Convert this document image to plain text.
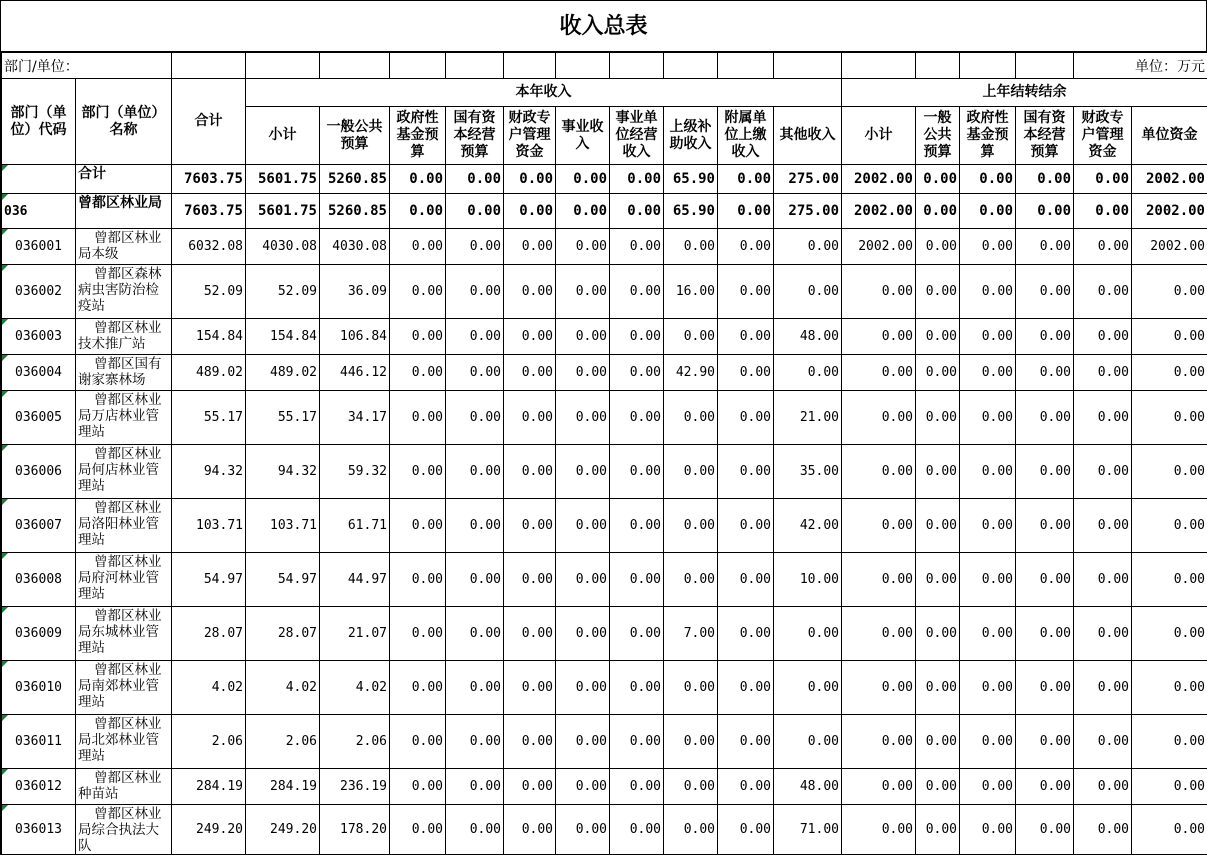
收入总表
部门/单位：																	单位：万元	
部门（单位）代码	部门（单位）名称	合计	本年收入										上年结转结余					
			小计	一般公共预算	政府性基金预算	国有资本经营预算	财政专户管理资金	事业收入	事业单位经营收入	上级补助收入	附属单位上缴收入	其他收入	小计	一般公共预算	政府性基金预算	国有资本经营预算	财政专户管理资金	单位资金
	合计	7603.75	5601.75	5260.85	0.00	0.00	0.00	0.00	0.00	65.90	0.00	275.00	2002.00	0.00	0.00	0.00	0.00	2002.00
036	曾都区林业局	7603.75	5601.75	5260.85	0.00	0.00	0.00	0.00	0.00	65.90	0.00	275.00	2002.00	0.00	0.00	0.00	0.00	2002.00
036001	曾都区林业局本级	6032.08	4030.08	4030.08	0.00	0.00	0.00	0.00	0.00	0.00	0.00	0.00	2002.00	0.00	0.00	0.00	0.00	2002.00
036002	曾都区森林病虫害防治检疫站	52.09	52.09	36.09	0.00	0.00	0.00	0.00	0.00	16.00	0.00	0.00	0.00	0.00	0.00	0.00	0.00	0.00
036003	曾都区林业技术推广站	154.84	154.84	106.84	0.00	0.00	0.00	0.00	0.00	0.00	0.00	48.00	0.00	0.00	0.00	0.00	0.00	0.00
036004	曾都区国有谢家寨林场	489.02	489.02	446.12	0.00	0.00	0.00	0.00	0.00	42.90	0.00	0.00	0.00	0.00	0.00	0.00	0.00	0.00
036005	曾都区林业局万店林业管理站	55.17	55.17	34.17	0.00	0.00	0.00	0.00	0.00	0.00	0.00	21.00	0.00	0.00	0.00	0.00	0.00	0.00
036006	曾都区林业局何店林业管理站	94.32	94.32	59.32	0.00	0.00	0.00	0.00	0.00	0.00	0.00	35.00	0.00	0.00	0.00	0.00	0.00	0.00
036007	曾都区林业局洛阳林业管理站	103.71	103.71	61.71	0.00	0.00	0.00	0.00	0.00	0.00	0.00	42.00	0.00	0.00	0.00	0.00	0.00	0.00
036008	曾都区林业局府河林业管理站	54.97	54.97	44.97	0.00	0.00	0.00	0.00	0.00	0.00	0.00	10.00	0.00	0.00	0.00	0.00	0.00	0.00
036009	曾都区林业局东城林业管理站	28.07	28.07	21.07	0.00	0.00	0.00	0.00	0.00	7.00	0.00	0.00	0.00	0.00	0.00	0.00	0.00	0.00
036010	曾都区林业局南郊林业管理站	4.02	4.02	4.02	0.00	0.00	0.00	0.00	0.00	0.00	0.00	0.00	0.00	0.00	0.00	0.00	0.00	0.00
036011	曾都区林业局北郊林业管理站	2.06	2.06	2.06	0.00	0.00	0.00	0.00	0.00	0.00	0.00	0.00	0.00	0.00	0.00	0.00	0.00	0.00
036012	曾都区林业种苗站	284.19	284.19	236.19	0.00	0.00	0.00	0.00	0.00	0.00	0.00	48.00	0.00	0.00	0.00	0.00	0.00	0.00
036013	曾都区林业局综合执法大队	249.20	249.20	178.20	0.00	0.00	0.00	0.00	0.00	0.00	0.00	71.00	0.00	0.00	0.00	0.00	0.00	0.00
